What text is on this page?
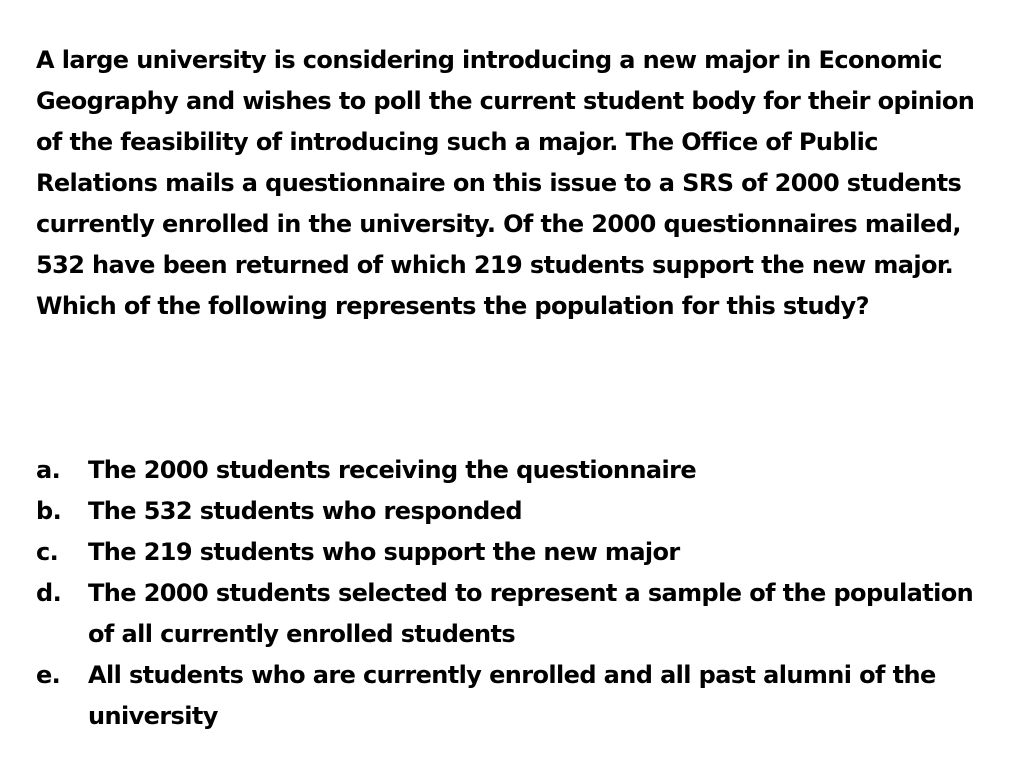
A large university is considering introducing a new major in Economic Geography and wishes to poll the current student body for their opinion of the feasibility of introducing such a major. The Office of Public Relations mails a questionnaire on this issue to a SRS of 2000 students currently enrolled in the university. Of the 2000 questionnaires mailed, 532 have been returned of which 219 students support the new major. Which of the following represents the population for this study?

a.	The 2000 students receiving the questionnaire
b.	The 532 students who responded
c.	The 219 students who support the new major
d.	The 2000 students selected to represent a sample of the population of all currently enrolled students
e.	All students who are currently enrolled and all past alumni of the university
